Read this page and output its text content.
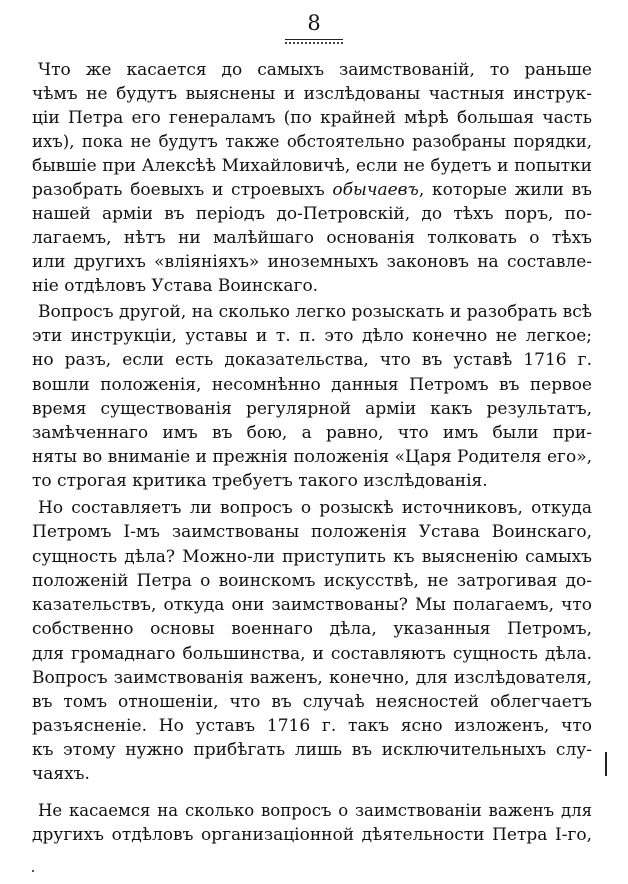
8
Что же касается до самыхъ заимствованій, то раньше
чѣмъ не будутъ выяснены и изслѣдованы частныя инструк-
ціи Петра его генераламъ (по крайней мѣрѣ большая часть
ихъ), пока не будутъ также обстоятельно разобраны порядки,
бывшіе при Алексѣѣ Михайловичѣ, если не будетъ и попытки
разобрать боевыхъ и строевыхъ обычаевъ, которые жили въ
нашей арміи въ періодъ до-Петровскій, до тѣхъ поръ, по-
лагаемъ, нѣтъ ни малѣйшаго основанія толковать о тѣхъ
или другихъ «вліяніяхъ» иноземныхъ законовъ на составле-
ніе отдѣловъ Устава Воинскаго.
Вопросъ другой, на сколько легко розыскать и разобрать всѣ
эти инструкціи, уставы и т. п. это дѣло конечно не легкое;
но разъ, если есть доказательства, что въ уставѣ 1716 г.
вошли положенія, несомнѣнно данныя Петромъ въ первое
время существованія регулярной арміи какъ результатъ,
замѣченнаго имъ въ бою, а равно, что имъ были при-
няты во вниманіе и прежнія положенія «Царя Родителя его»,
то строгая критика требуетъ такого изслѣдованія.
Но составляетъ ли вопросъ о розыскѣ источниковъ, откуда
Петромъ I-мъ заимствованы положенія Устава Воинскаго,
сущность дѣла? Можно-ли приступить къ выясненію самыхъ
положеній Петра о воинскомъ искусствѣ, не затрогивая до-
казательствъ, откуда они заимствованы? Мы полагаемъ, что
собственно основы военнаго дѣла, указанныя Петромъ,
для громаднаго большинства, и составляютъ сущность дѣла.
Вопросъ заимствованія важенъ, конечно, для изслѣдователя,
въ томъ отношеніи, что въ случаѣ неясностей облегчаетъ
разъясненіе. Но уставъ 1716 г. такъ ясно изложенъ, что
къ этому нужно прибѣгать лишь въ исключительныхъ слу-
чаяхъ.
Не касаемся на сколько вопросъ о заимствованіи важенъ для
другихъ отдѣловъ организаціонной дѣятельности Петра I-го,
